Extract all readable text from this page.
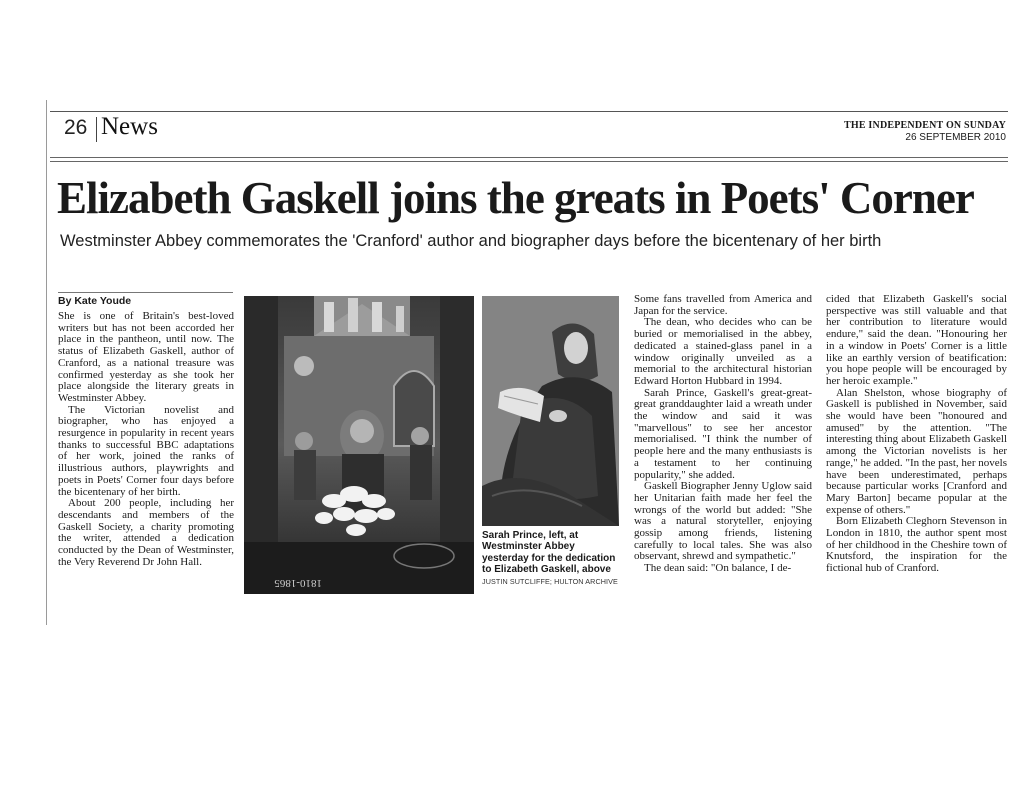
26 News	THE INDEPENDENT ON SUNDAY
26 SEPTEMBER 2010
Elizabeth Gaskell joins the greats in Poets' Corner

Westminster Abbey commemorates the 'Cranford' author and biographer days before the bicentenary of her birth

By Kate Youde

She is one of Britain's best-loved writers but has not been accorded her place in the pantheon, until now. The status of Elizabeth Gaskell, author of Cranford, as a national treasure was confirmed yesterday as she took her place alongside the literary greats in Westminster Abbey.

The Victorian novelist and biographer, who has enjoyed a resurgence in popularity in recent years thanks to successful BBC adaptations of her work, joined the ranks of illustrious authors, playwrights and poets in Poets' Corner four days before the bicentenary of her birth.

About 200 people, including her descendants and members of the Gaskell Society, a charity promoting the writer, attended a dedication conducted by the Dean of Westminster, the Very Reverend Dr John Hall.

1810-1865
Sarah Prince, left, at Westminster Abbey yesterday for the dedication to Elizabeth Gaskell, above
JUSTIN SUTCLIFFE; HULTON ARCHIVE

Some fans travelled from America and Japan for the service.

The dean, who decides who can be buried or memorialised in the abbey, dedicated a stained-glass panel in a window originally unveiled as a memorial to the architectural historian Edward Horton Hubbard in 1994.

Sarah Prince, Gaskell's great-great-great granddaughter laid a wreath under the window and said it was "marvellous" to see her ancestor memorialised. "I think the number of people here and the many enthusiasts is a testament to her continuing popularity," she added.

Gaskell Biographer Jenny Uglow said her Unitarian faith made her feel the wrongs of the world but added: "She was a natural storyteller, enjoying gossip among friends, listening carefully to local tales. She was also observant, shrewd and sympathetic."

The dean said: "On balance, I de-

cided that Elizabeth Gaskell's social perspective was still valuable and that her contribution to literature would endure," said the dean. "Honouring her in a window in Poets' Corner is a little like an earthly version of beatification: you hope people will be encouraged by her heroic example."

Alan Shelston, whose biography of Gaskell is published in November, said she would have been "honoured and amused" by the attention. "The interesting thing about Elizabeth Gaskell among the Victorian novelists is her range," he added. "In the past, her novels have been underestimated, perhaps because particular works [Cranford and Mary Barton] became popular at the expense of others."

Born Elizabeth Cleghorn Stevenson in London in 1810, the author spent most of her childhood in the Cheshire town of Knutsford, the inspiration for the fictional hub of Cranford.
